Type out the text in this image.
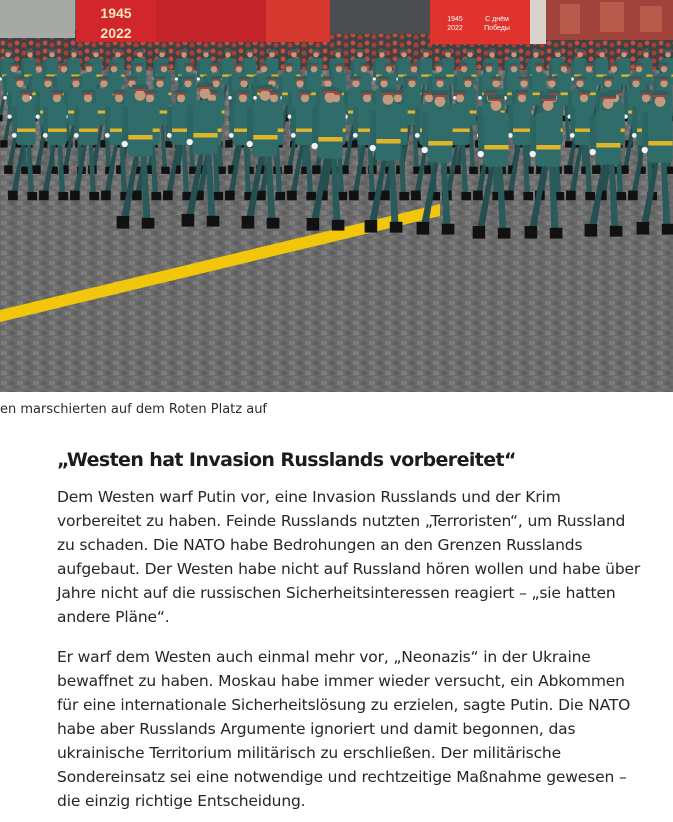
1945
2022
1945
2022
С днём
Победы
en marschierten auf dem Roten Platz auf
„Westen hat Invasion Russlands vorbereitet“

Dem Westen warf Putin vor, eine Invasion Russlands und der Krim vorbereitet zu haben. Feinde Russlands nutzten „Terroristen“, um Russland zu schaden. Die NATO habe Bedrohungen an den Grenzen Russlands aufgebaut. Der Westen habe nicht auf Russland hören wollen und habe über Jahre nicht auf die russischen Sicherheitsinteressen reagiert – „sie hatten andere Pläne“.

Er warf dem Westen auch einmal mehr vor, „Neonazis“ in der Ukraine bewaffnet zu haben. Moskau habe immer wieder versucht, ein Abkommen für eine internationale Sicherheitslösung zu erzielen, sagte Putin. Die NATO habe aber Russlands Argumente ignoriert und damit begonnen, das ukrainische Territorium militärisch zu erschließen. Der militärische Sondereinsatz sei eine notwendige und rechtzeitige Maßnahme gewesen – die einzig richtige Entscheidung.
